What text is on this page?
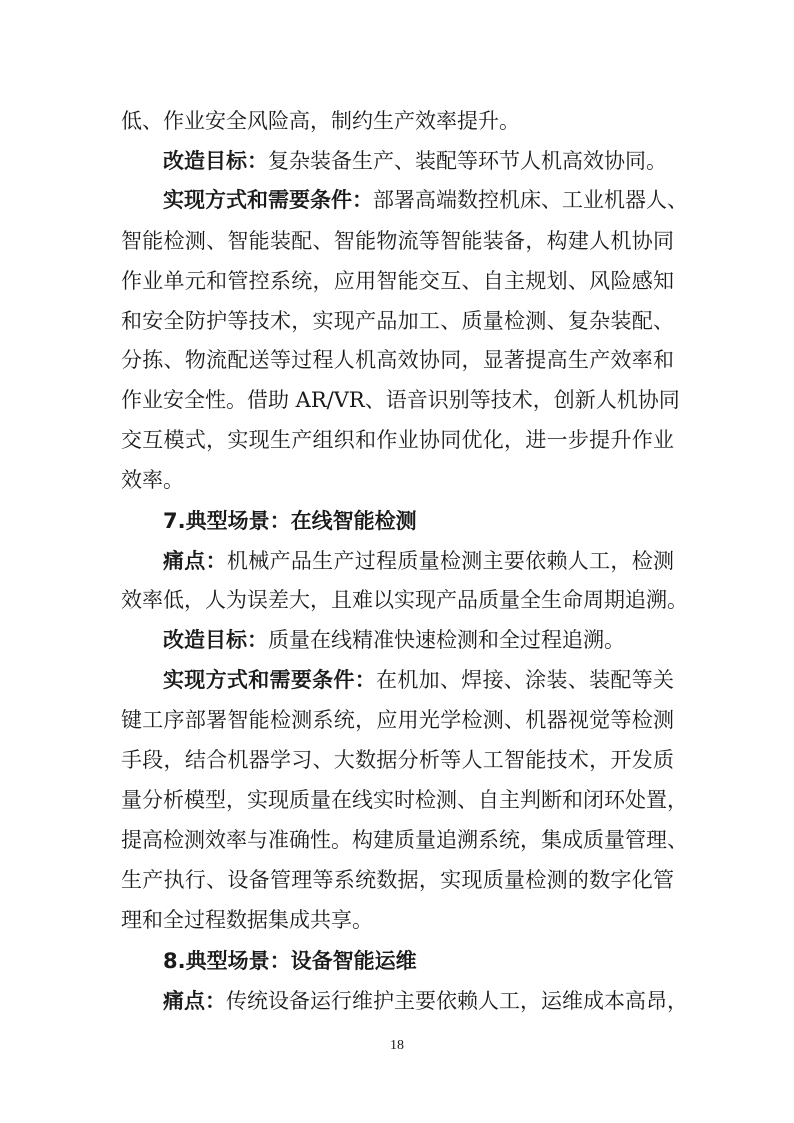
低、作业安全风险高，制约生产效率提升。
改造目标：复杂装备生产、装配等环节人机高效协同。
实现方式和需要条件：部署高端数控机床、工业机器人、
智能检测、智能装配、智能物流等智能装备，构建人机协同
作业单元和管控系统，应用智能交互、自主规划、风险感知
和安全防护等技术，实现产品加工、质量检测、复杂装配、
分拣、物流配送等过程人机高效协同，显著提高生产效率和
作业安全性。借助 AR/VR、语音识别等技术，创新人机协同
交互模式，实现生产组织和作业协同优化，进一步提升作业
效率。
7.典型场景：在线智能检测
痛点：机械产品生产过程质量检测主要依赖人工，检测
效率低，人为误差大，且难以实现产品质量全生命周期追溯。
改造目标：质量在线精准快速检测和全过程追溯。
实现方式和需要条件：在机加、焊接、涂装、装配等关
键工序部署智能检测系统，应用光学检测、机器视觉等检测
手段，结合机器学习、大数据分析等人工智能技术，开发质
量分析模型，实现质量在线实时检测、自主判断和闭环处置，
提高检测效率与准确性。构建质量追溯系统，集成质量管理、
生产执行、设备管理等系统数据，实现质量检测的数字化管
理和全过程数据集成共享。
8.典型场景：设备智能运维
痛点：传统设备运行维护主要依赖人工，运维成本高昂，
18
